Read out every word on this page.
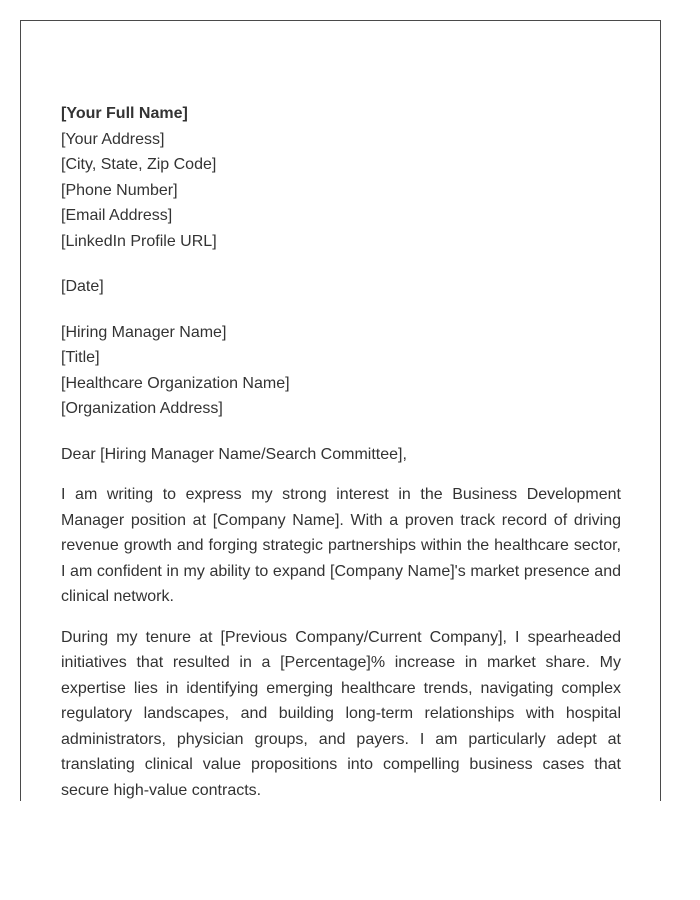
[Your Full Name]
[Your Address]
[City, State, Zip Code]
[Phone Number]
[Email Address]
[LinkedIn Profile URL]
[Date]
[Hiring Manager Name]
[Title]
[Healthcare Organization Name]
[Organization Address]

Dear [Hiring Manager Name/Search Committee],

I am writing to express my strong interest in the Business Development Manager position at [Company Name]. With a proven track record of driving revenue growth and forging strategic partnerships within the healthcare sector, I am confident in my ability to expand [Company Name]'s market presence and clinical network.

During my tenure at [Previous Company/Current Company], I spearheaded initiatives that resulted in a [Percentage]% increase in market share. My expertise lies in identifying emerging healthcare trends, navigating complex regulatory landscapes, and building long-term relationships with hospital administrators, physician groups, and payers. I am particularly adept at translating clinical value propositions into compelling business cases that secure high-value contracts.
